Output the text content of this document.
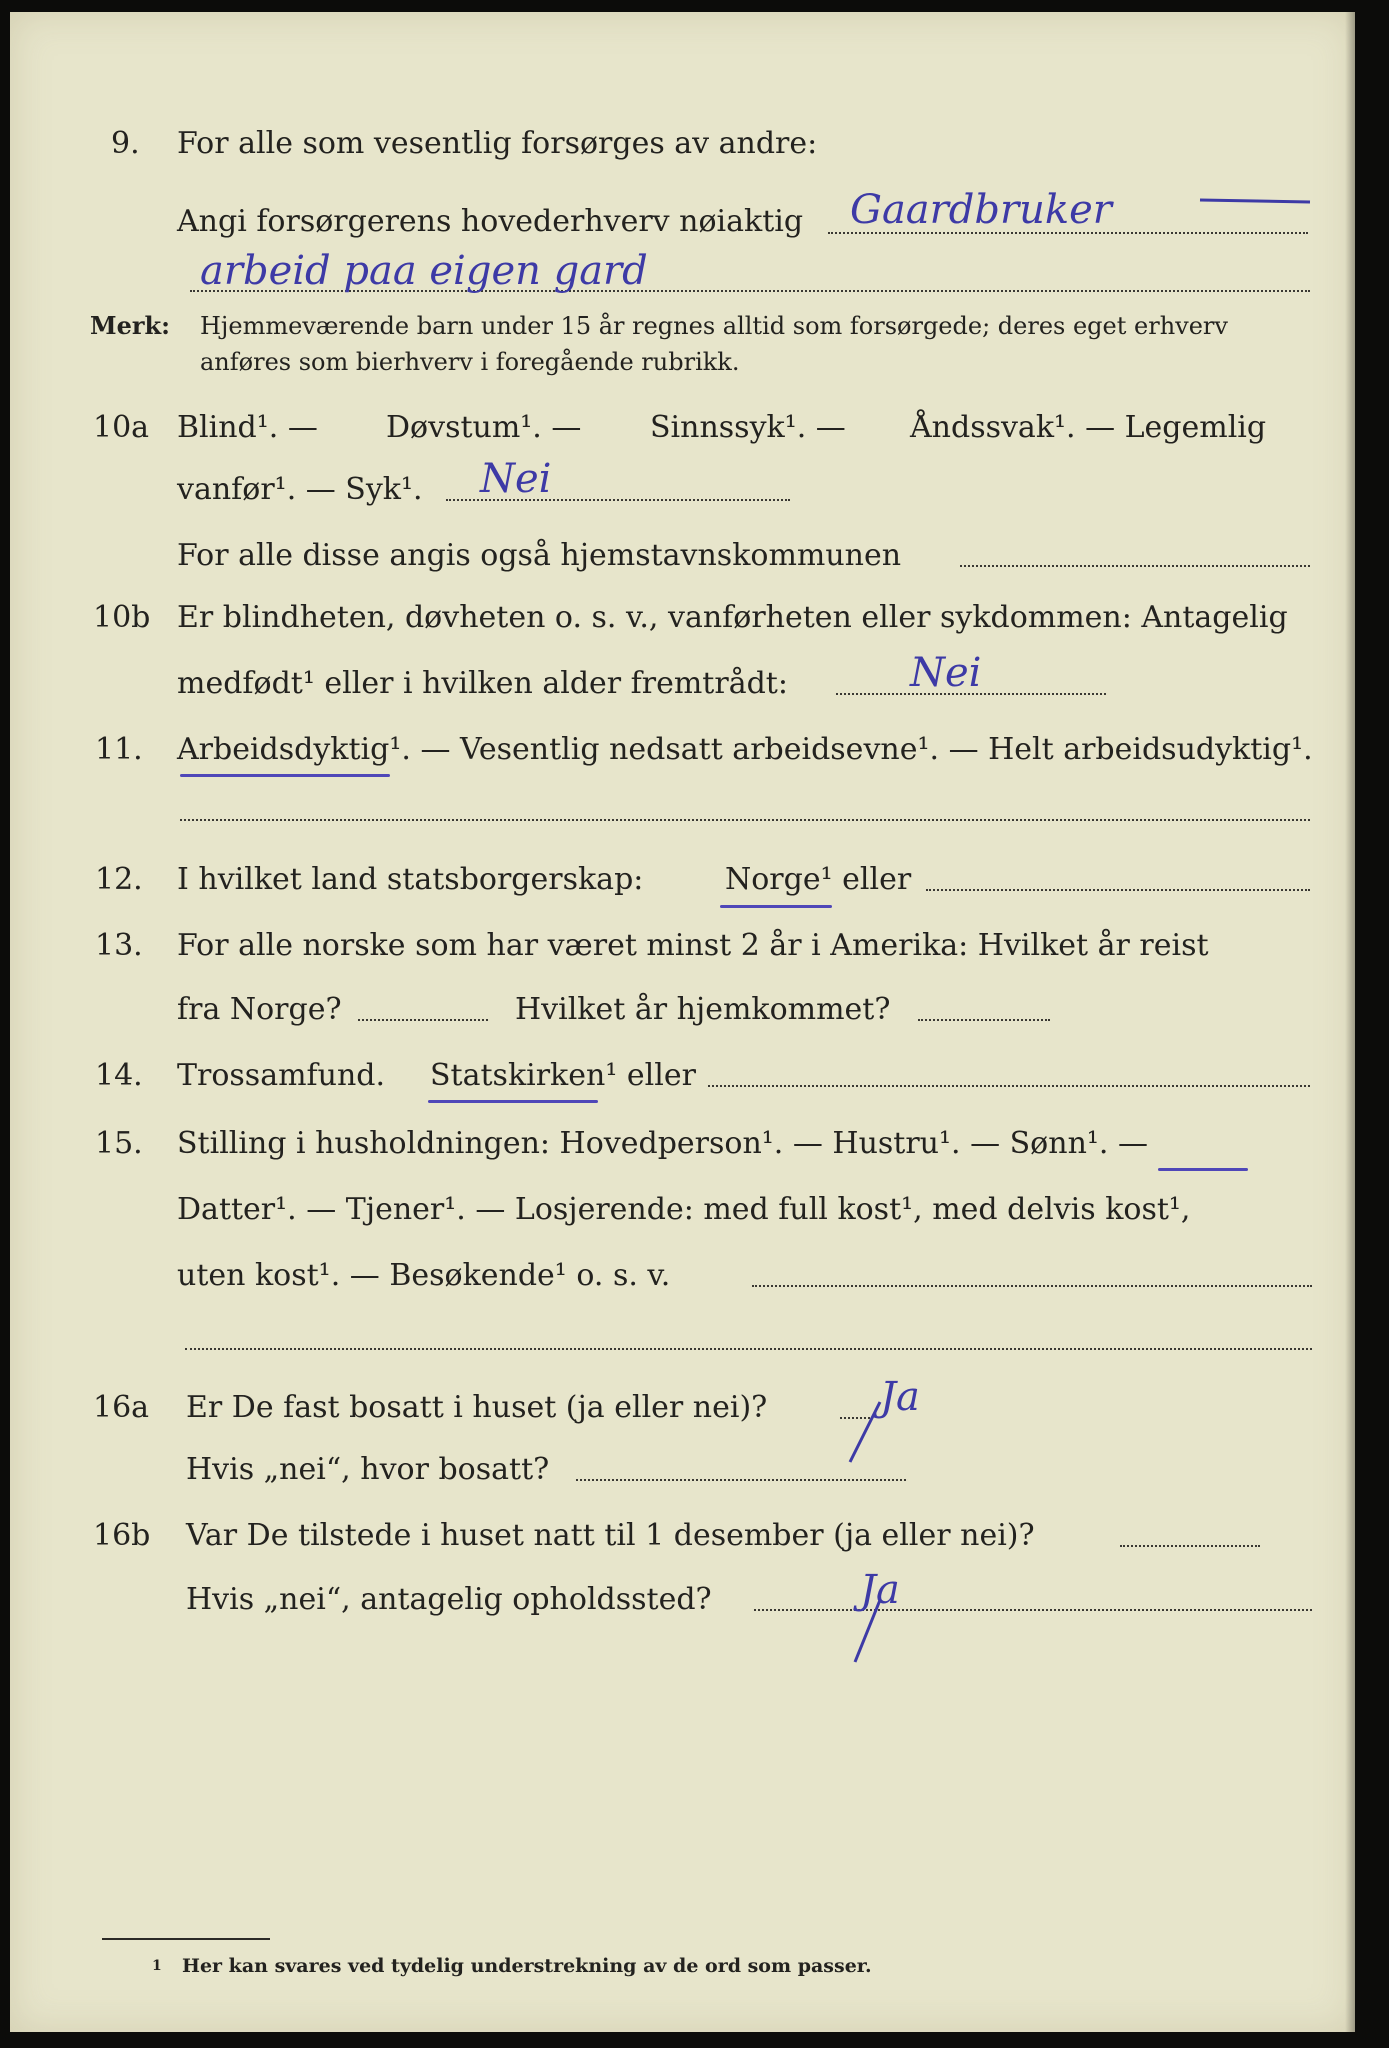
9. For alle som vesentlig forsørges av andre:
Angi forsørgerens hovederhverv nøiaktig Gaardbruker
arbeid paa eigen gard
Merk: Hjemmeværende barn under 15 år regnes alltid som forsørgede; deres eget erhverv
anføres som bierhverv i foregående rubrikk.
10a Blind¹. — Døvstum¹. — Sinnssyk¹. — Åndssvak¹. — Legemlig
vanfør¹. — Syk¹. Nei
For alle disse angis også hjemstavnskommunen
10b Er blindheten, døvheten o. s. v., vanførheten eller sykdommen: Antagelig
medfødt¹ eller i hvilken alder fremtrådt:	Nei
11. Arbeidsdyktig¹. — Vesentlig nedsatt arbeidsevne¹. — Helt arbeidsudyktig¹.
12. I hvilket land statsborgerskap:	Norge¹ eller
13. For alle norske som har været minst 2 år i Amerika: Hvilket år reist
fra Norge?	Hvilket år hjemkommet?
14. Trossamfund. Statskirken¹ eller
15. Stilling i husholdningen: Hovedperson¹. — Hustru¹. — Sønn¹. —
Datter¹. — Tjener¹. — Losjerende: med full kost¹, med delvis kost¹,
uten kost¹. — Besøkende¹ o. s. v.
16a Er De fast bosatt i huset (ja eller nei)?	Ja
Hvis „nei“, hvor bosatt?
16b Var De tilstede i huset natt til 1 desember (ja eller nei)?
Hvis „nei“, antagelig opholdssted?	Ja
1 Her kan svares ved tydelig understrekning av de ord som passer.
